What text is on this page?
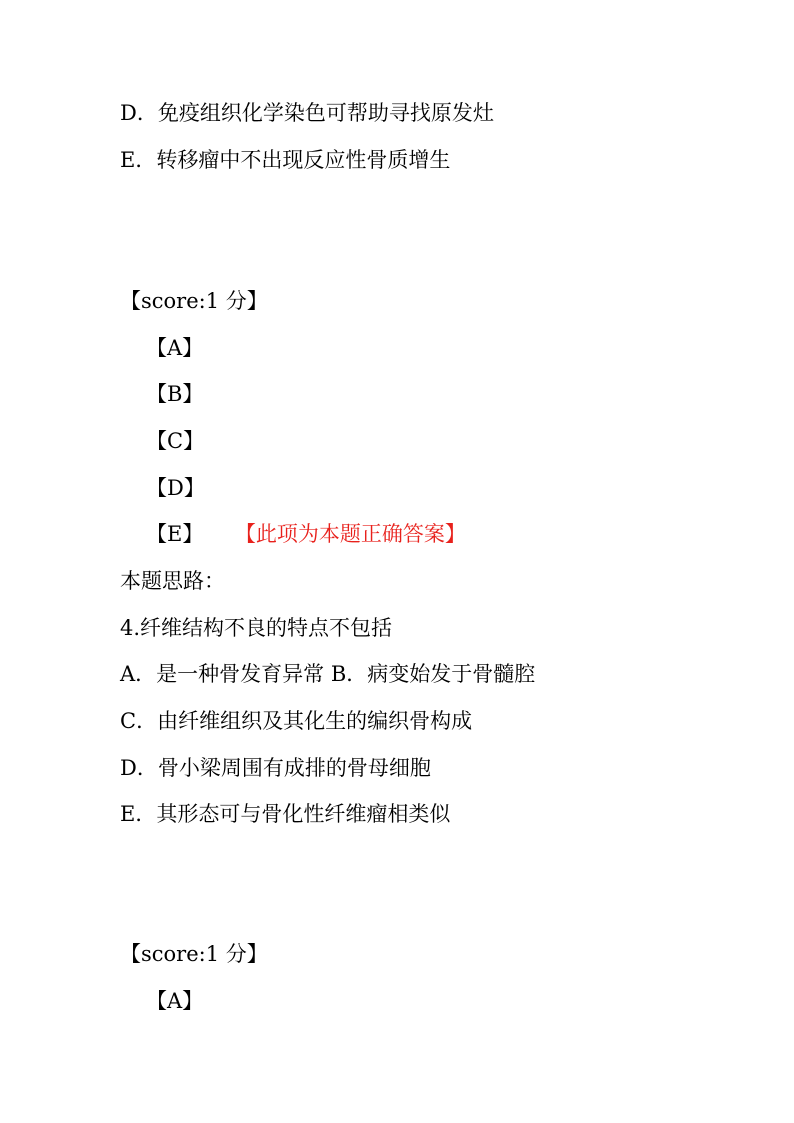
D．免疫组织化学染色可帮助寻找原发灶
E．转移瘤中不出现反应性骨质增生
【score:1 分】
【A】
【B】
【C】
【D】
【E】 【此项为本题正确答案】
本题思路：
4.纤维结构不良的特点不包括
A．是一种骨发育异常 B．病变始发于骨髓腔
C．由纤维组织及其化生的编织骨构成
D．骨小梁周围有成排的骨母细胞
E．其形态可与骨化性纤维瘤相类似
【score:1 分】
【A】
